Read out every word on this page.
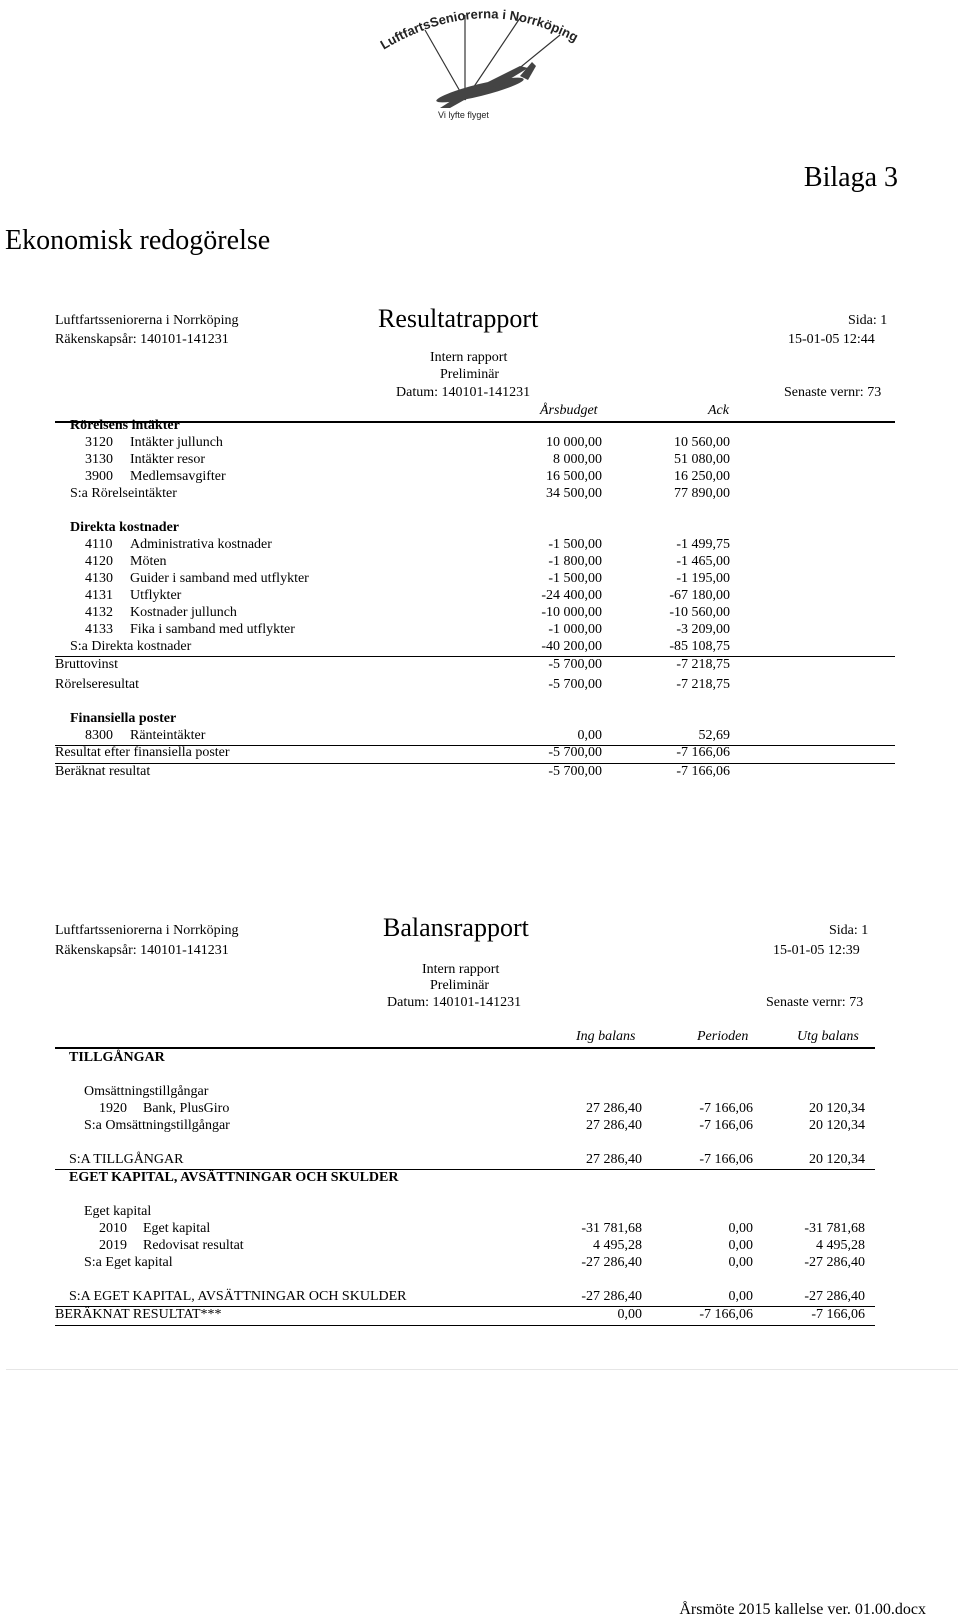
LuftfartsSeniorerna i Norrköping
Vi lyfte flyget
Bilaga 3
Ekonomisk redogörelse
Luftfartsseniorerna i Norrköping
Räkenskapsår: 140101-141231
Resultatrapport	Sida: 1
15-01-05 12:44
Intern rapport
Preliminär
Datum: 140101-141231	Senaste vernr: 73
Årsbudget	Ack
Rörelsens intäkter
3120 Intäkter jullunch	10 000,00	10 560,00
3130 Intäkter resor	8 000,00	51 080,00
3900 Medlemsavgifter	16 500,00	16 250,00
S:a Rörelseintäkter	34 500,00	77 890,00
Direkta kostnader
4110 Administrativa kostnader	-1 500,00	-1 499,75
4120 Möten	-1 800,00	-1 465,00
4130 Guider i samband med utflykter	-1 500,00	-1 195,00
4131 Utflykter	-24 400,00	-67 180,00
4132 Kostnader jullunch	-10 000,00	-10 560,00
4133 Fika i samband med utflykter	-1 000,00	-3 209,00
S:a Direkta kostnader	-40 200,00	-85 108,75
Bruttovinst	-5 700,00	-7 218,75
Rörelseresultat	-5 700,00	-7 218,75
Finansiella poster
8300 Ränteintäkter	0,00	52,69
Resultat efter finansiella poster	-5 700,00	-7 166,06
Beräknat resultat	-5 700,00	-7 166,06
Luftfartsseniorerna i Norrköping
Räkenskapsår: 140101-141231
Balansrapport	Sida: 1
15-01-05 12:39
Intern rapport
Preliminär
Datum: 140101-141231	Senaste vernr: 73
Ing balans	Perioden	Utg balans
TILLGÅNGAR
Omsättningstillgångar
1920 Bank, PlusGiro	27 286,40	-7 166,06	20 120,34
S:a Omsättningstillgångar	27 286,40	-7 166,06	20 120,34
S:A TILLGÅNGAR	27 286,40	-7 166,06	20 120,34
EGET KAPITAL, AVSÄTTNINGAR OCH SKULDER
Eget kapital
2010 Eget kapital	-31 781,68	0,00	-31 781,68
2019 Redovisat resultat	4 495,28	0,00	4 495,28
S:a Eget kapital	-27 286,40	0,00	-27 286,40
S:A EGET KAPITAL, AVSÄTTNINGAR OCH SKULDER	-27 286,40	0,00	-27 286,40
BERÄKNAT RESULTAT***	0,00	-7 166,06	-7 166,06
Årsmöte 2015 kallelse ver. 01.00.docx
